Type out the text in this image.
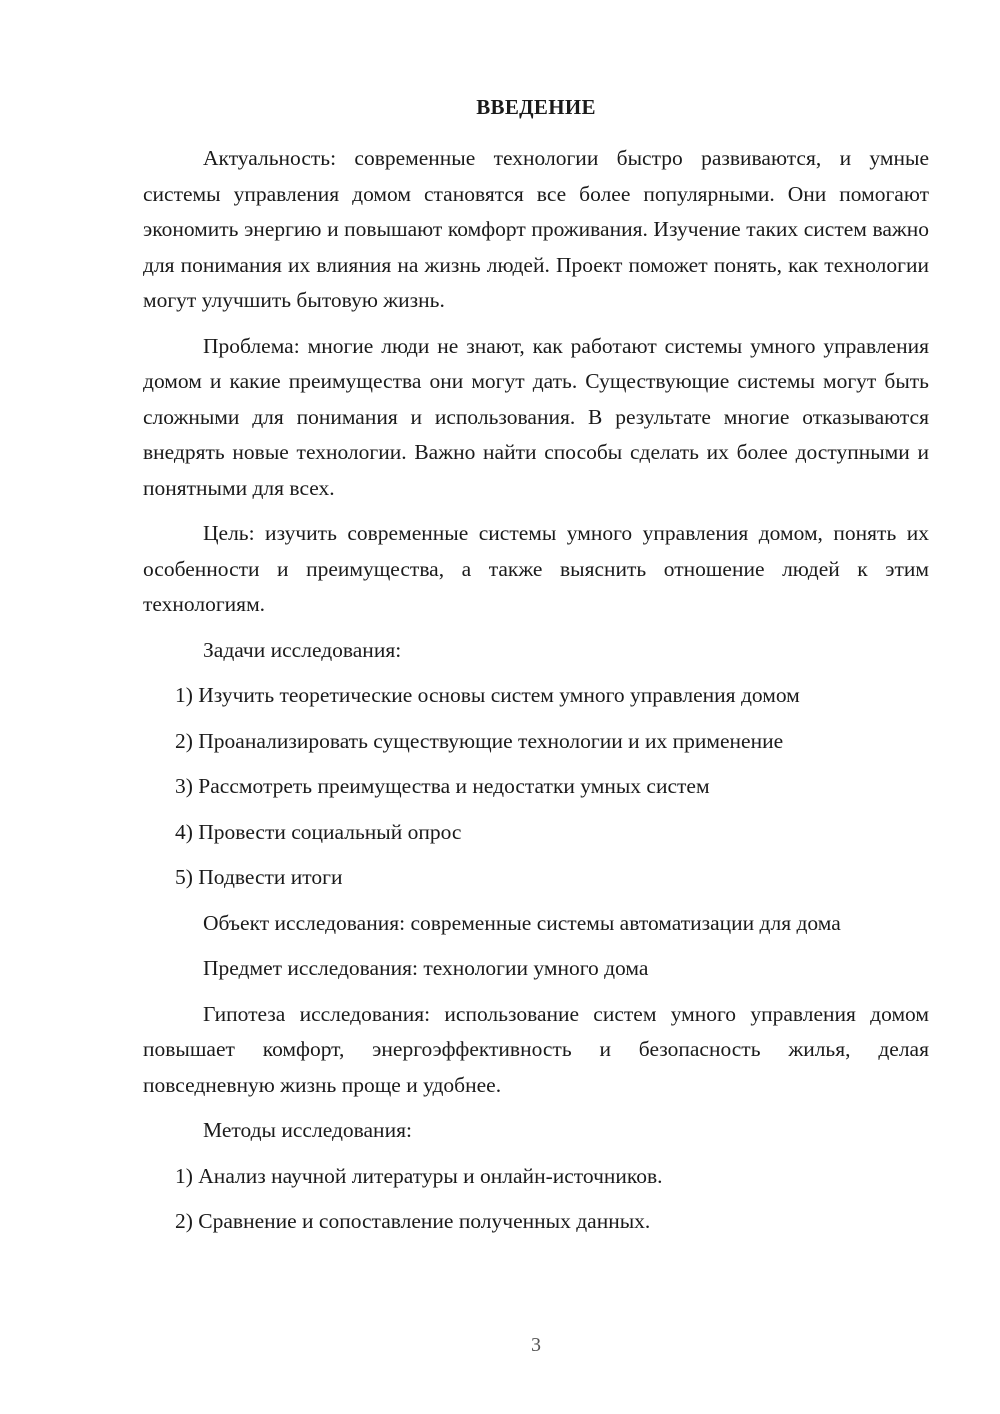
ВВЕДЕНИЕ

Актуальность: современные технологии быстро развиваются, и умные системы управления домом становятся все более популярными. Они помогают экономить энергию и повышают комфорт проживания. Изучение таких систем важно для понимания их влияния на жизнь людей. Проект поможет понять, как технологии могут улучшить бытовую жизнь.

Проблема: многие люди не знают, как работают системы умного управления домом и какие преимущества они могут дать. Существующие системы могут быть сложными для понимания и использования. В результате многие отказываются внедрять новые технологии. Важно найти способы сделать их более доступными и понятными для всех.

Цель: изучить современные системы умного управления домом, понять их особенности и преимущества, а также выяснить отношение людей к этим технологиям.

Задачи исследования:

1) Изучить теоретические основы систем умного управления домом

2) Проанализировать существующие технологии и их применение

3) Рассмотреть преимущества и недостатки умных систем

4) Провести социальный опрос

5) Подвести итоги

Объект исследования: современные системы автоматизации для дома

Предмет исследования: технологии умного дома

Гипотеза исследования: использование систем умного управления домом повышает комфорт, энергоэффективность и безопасность жилья, делая повседневную жизнь проще и удобнее.

Методы исследования:

1) Анализ научной литературы и онлайн-источников.

2) Сравнение и сопоставление полученных данных.

3
